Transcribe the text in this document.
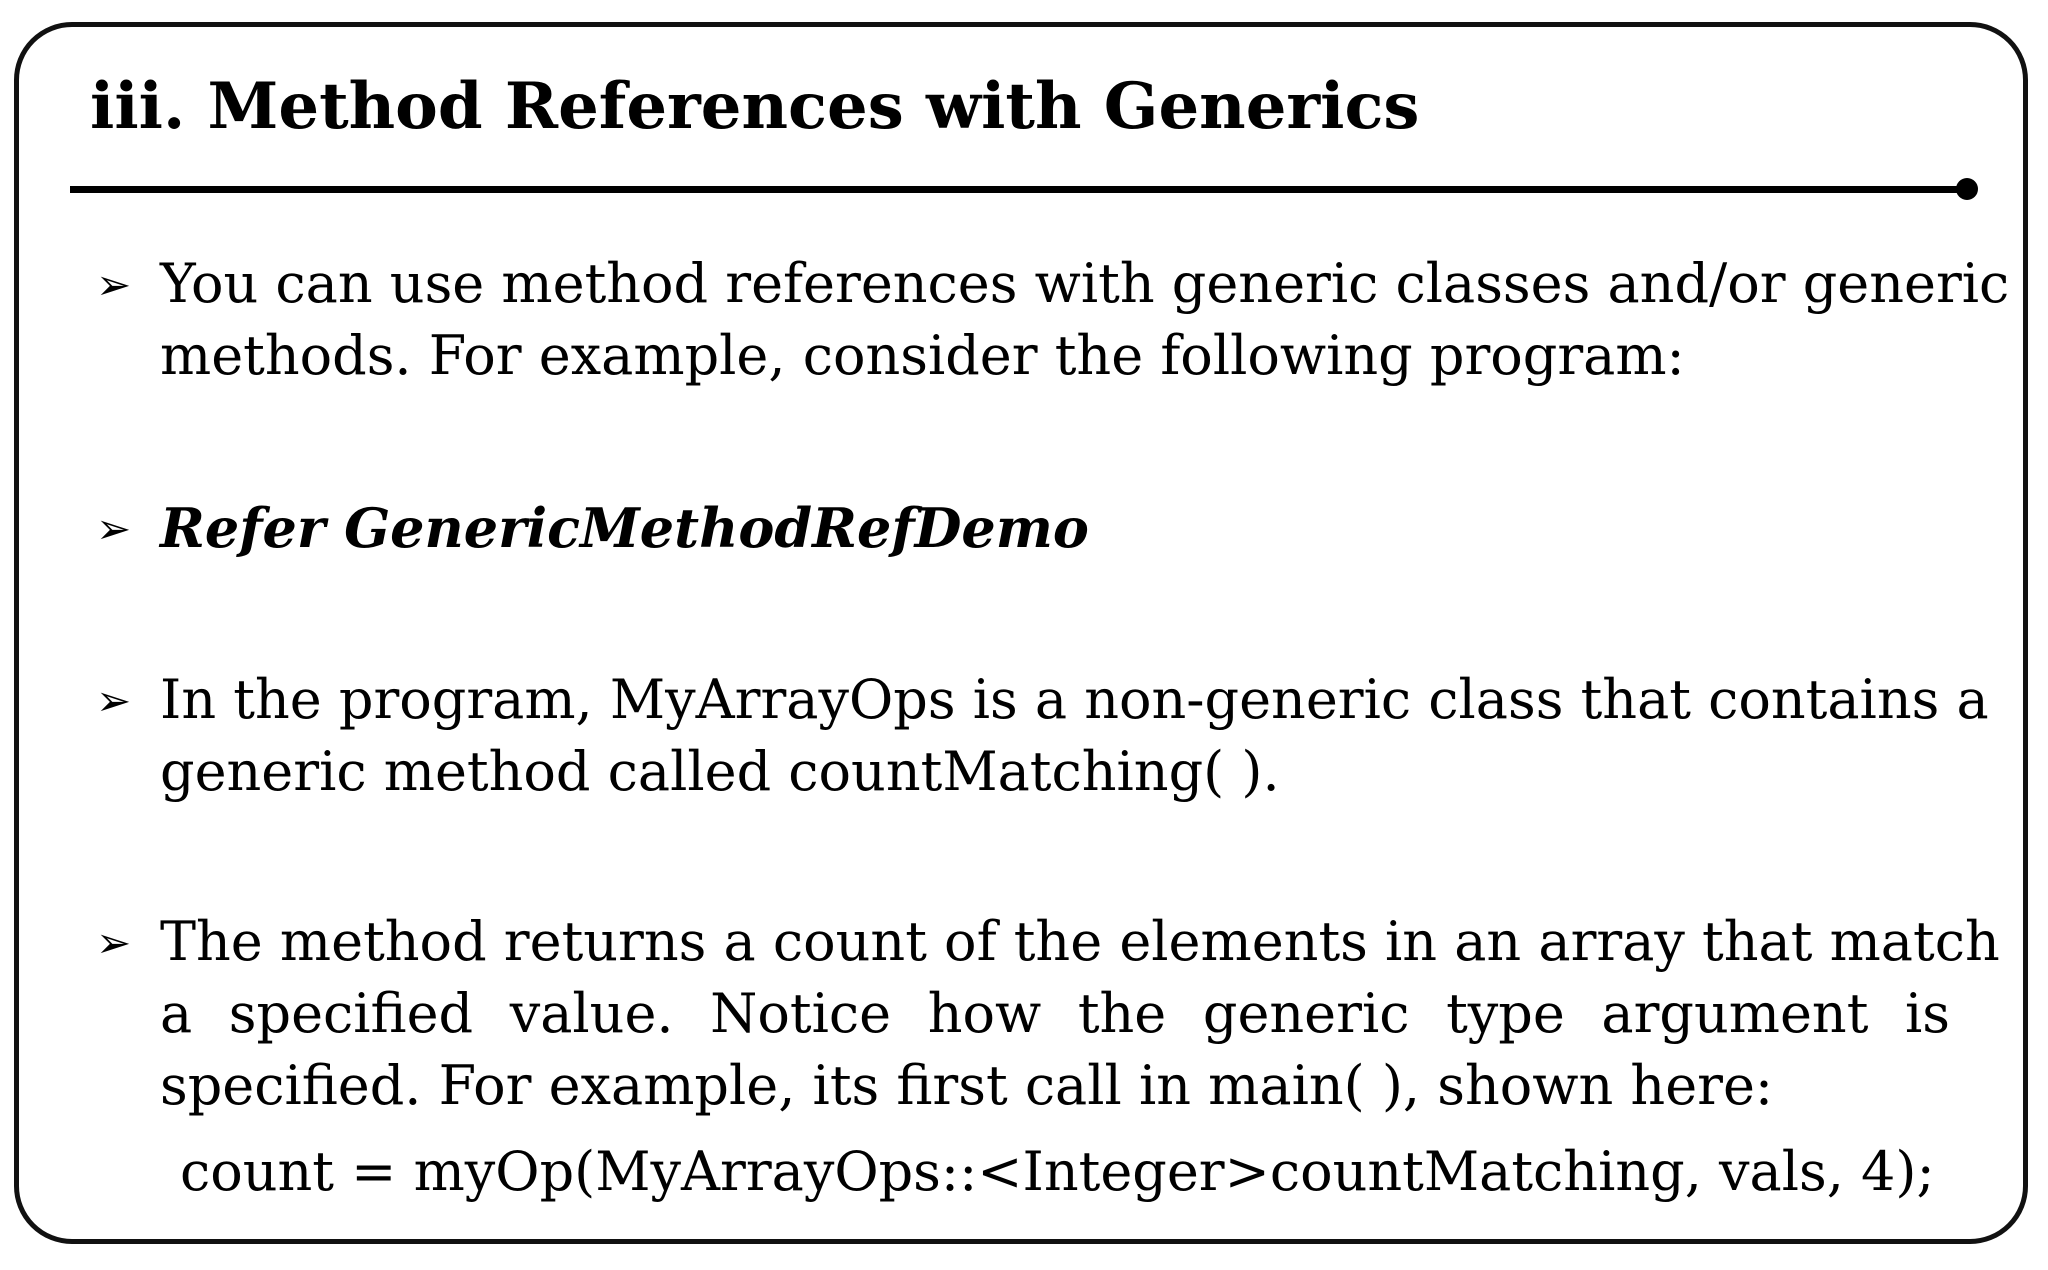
iii. Method References with Generics
➢ You can use method references with generic classes and/or generic
methods. For example, consider the following program:
➢ Refer GenericMethodRefDemo
➢ In the program, MyArrayOps is a non-generic class that contains a
generic method called countMatching( ).
➢ The method returns a count of the elements in an array that match
a specified value. Notice how the generic type argument is
specified. For example, its first call in main( ), shown here:
count = myOp(MyArrayOps::<Integer>countMatching, vals, 4);
